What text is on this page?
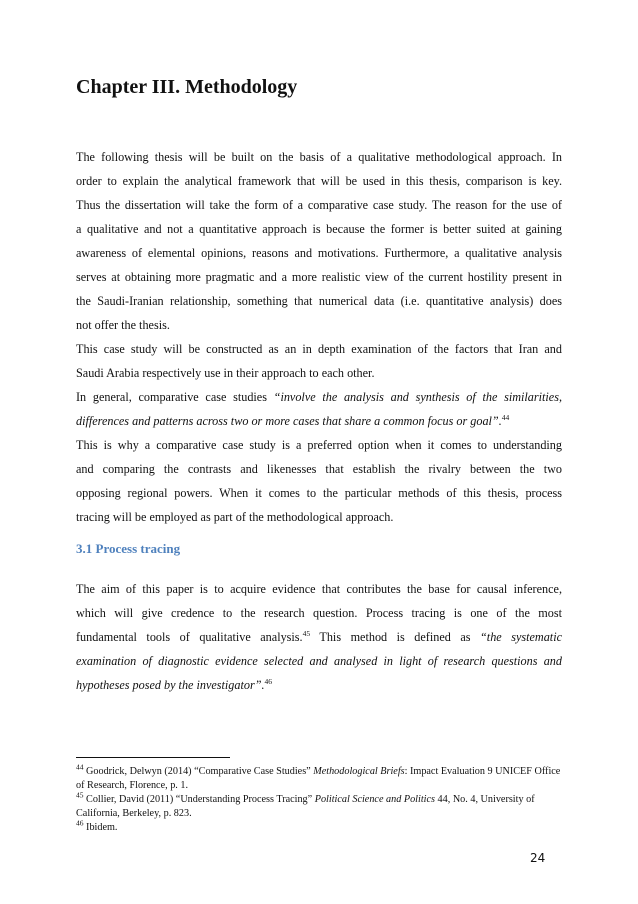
Chapter III. Methodology

The following thesis will be built on the basis of a qualitative methodological approach. In
order to explain the analytical framework that will be used in this thesis, comparison is key.
Thus the dissertation will take the form of a comparative case study. The reason for the use of
a qualitative and not a quantitative approach is because the former is better suited at gaining
awareness of elemental opinions, reasons and motivations. Furthermore, a qualitative analysis
serves at obtaining more pragmatic and a more realistic view of the current hostility present in
the Saudi-Iranian relationship, something that numerical data (i.e. quantitative analysis) does
not offer the thesis.

This case study will be constructed as an in depth examination of the factors that Iran and
Saudi Arabia respectively use in their approach to each other.

In general, comparative case studies “involve the analysis and synthesis of the similarities,
differences and patterns across two or more cases that share a common focus or goal”.$^{44}$
This is why a comparative case study is a preferred option when it comes to understanding
and comparing the contrasts and likenesses that establish the rivalry between the two
opposing regional powers. When it comes to the particular methods of this thesis, process
tracing will be employed as part of the methodological approach.

3.1 Process tracing

The aim of this paper is to acquire evidence that contributes the base for causal inference,
which will give credence to the research question. Process tracing is one of the most
fundamental tools of qualitative analysis.$^{45}$ This method is defined as “the systematic
examination of diagnostic evidence selected and analysed in light of research questions and
hypotheses posed by the investigator”.$^{46}$

$^{44}$ Goodrick, Delwyn (2014) “Comparative Case Studies” Methodological Briefs: Impact Evaluation 9 UNICEF Office of Research, Florence, p. 1.
$^{45}$ Collier, David (2011) “Understanding Process Tracing” Political Science and Politics 44, No. 4, University of California, Berkeley, p. 823.
$^{46}$ Ibidem.
24
